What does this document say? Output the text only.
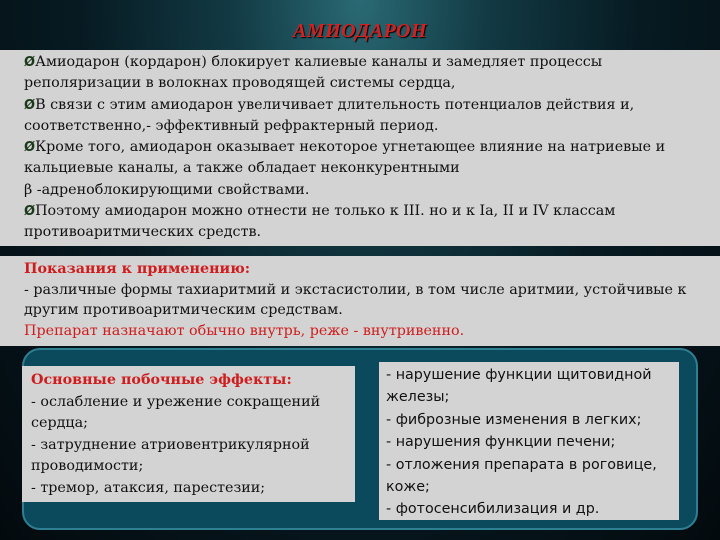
АМИОДАРОН

ØАмиодарон (кордарон) блокирует калиевые каналы и замедляет процессы реполяризации в волокнах проводящей системы сердца,

ØВ связи с этим амиодарон увеличивает длительность потенциалов действия и, соответственно,- эффективный рефрактерный период.

ØКроме того, амиодарон оказывает некоторое угнетающее влияние на натриевые и кальциевые каналы, а также обладает неконкурентными

β -адреноблокирующими свойствами.

ØПоэтому амиодарон можно отнести не только к III. но и к Ia, II и IV классам противоаритмических средств.

Показания к применению:

- различные формы тахиаритмий и экстасистолии, в том числе аритмии, устойчивые к другим противоаритмическим средствам.

Препарат назначают обычно внутрь, реже - внутривенно.

Основные побочные эффекты:

- ослабление и урежение сокращений сердца;

- затруднение атриовентрикулярной проводимости;

- тремор, атаксия, парестезии;

- нарушение функции щитовидной железы;

- фиброзные изменения в легких;

- нарушения функции печени;

- отложения препарата в роговице, коже;

- фотосенсибилизация и др.
